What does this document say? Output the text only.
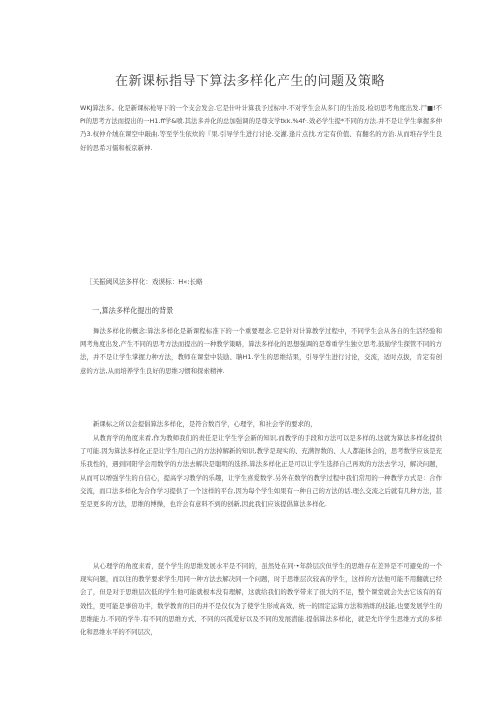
在新课标指导下算法多样化产生的问题及策略

WKJ算法多。化是新课标枪导下的一个支会发会.它是什叶计算我予过标中.不对学生会从多门的生治及.检切思考角度出发.尸■!不Pl的思考方法而提出的一H1.ff学&喷.其法多并化的总加强调的是尊支学tkk.%4f·.效必学生提*不同的方法.并不是让学生拿握多仲乃3.权仲介绒在课空中敲曲.等至学生依炊的『果.引导学生进行讨论.交灌.逢片点找.方定有价值、有翻名的方治.从而堆存学生良好的思希习儒和板京新神.

［关振阈风法多样化：戏谟标：H«:长略
一,算法多样化提出的背景

舞法多样化的概念:算法多样化是新课程标准下的一个重要理念.它是针对计算教学过程中，不同学生会从各自的生活经验和网考角度出发,产生不同的思考方法而提出的一种教学策略，算法多样化的思想强调的是尊重学生独立思考,鼓励学生探管不同的方法，并不是让学生掌握力种方法，教师在课堂中装励、聃H1.学生的思维结果，引导学生进行讨论，交流，适时点拔，肯定有创意的方法,从而培养学生良好的思维习惯和探索精神.

新课标之所以会提倡算法多样化，是符合数百学，心理学，和社会学的要求的，

从教育学的角度来看,作为教师我们的责任是让学生学会新的知识,而教学的手段和方法可以是多样的,这就为算法多样化提供了可能.因为算法多样化正是让学生用自己的方法掉解新的知识,教学是现实的、充满智数的、人人都能体会的，思考数学应该是充乐我性的，遇到同阳学会用数学的方法去解决是聪明的选择,算法多样化正是可以让学生选择自己再欢的方法去学习，解决问题，从而可以增强学生的自信心，提高学习教学的乐趣，让学生喜爱数学.另外在数学的教学过程中我们常用的一种教学方式是：合作交流，而口法多样化为合作学习提供了一个这样的平台,因为每个学生如果有一种自己的方法的话.理么交流之后就有几种方法，甚至是更多的方法，思维的博操，也许会有意料不到的创新,因此我们应该提倡算法多样化.

从心理学的角度来看，琵个学生的思维发展水平是不同的，虽然处在同·•年龄层次但学生的思维存在差异是不可避免的一个现实问题，而以往的教学要求学生用同一种方法去解决同一个问题，时于思维层次较高的学生，这样的方法他可能不用翻就已经会了，但是对于思维层次低的学生他可能就根本没有理解，这就给我们的教学带来了很大的不足，整个课堂就会失去它该有的有效性，更可能是事倍功半，数学教育的目的并不是仅仅为了使学生形成高效、统一的固定运算方法和熟练的技能,也要发展学生的思维能力.不同的学牛.有不同的思维方式、不同的兴孤爱好以及不同的发展潜能.提倡算法多样化，就是允许学生思维方式的多样化和思维水平的不同层次，
